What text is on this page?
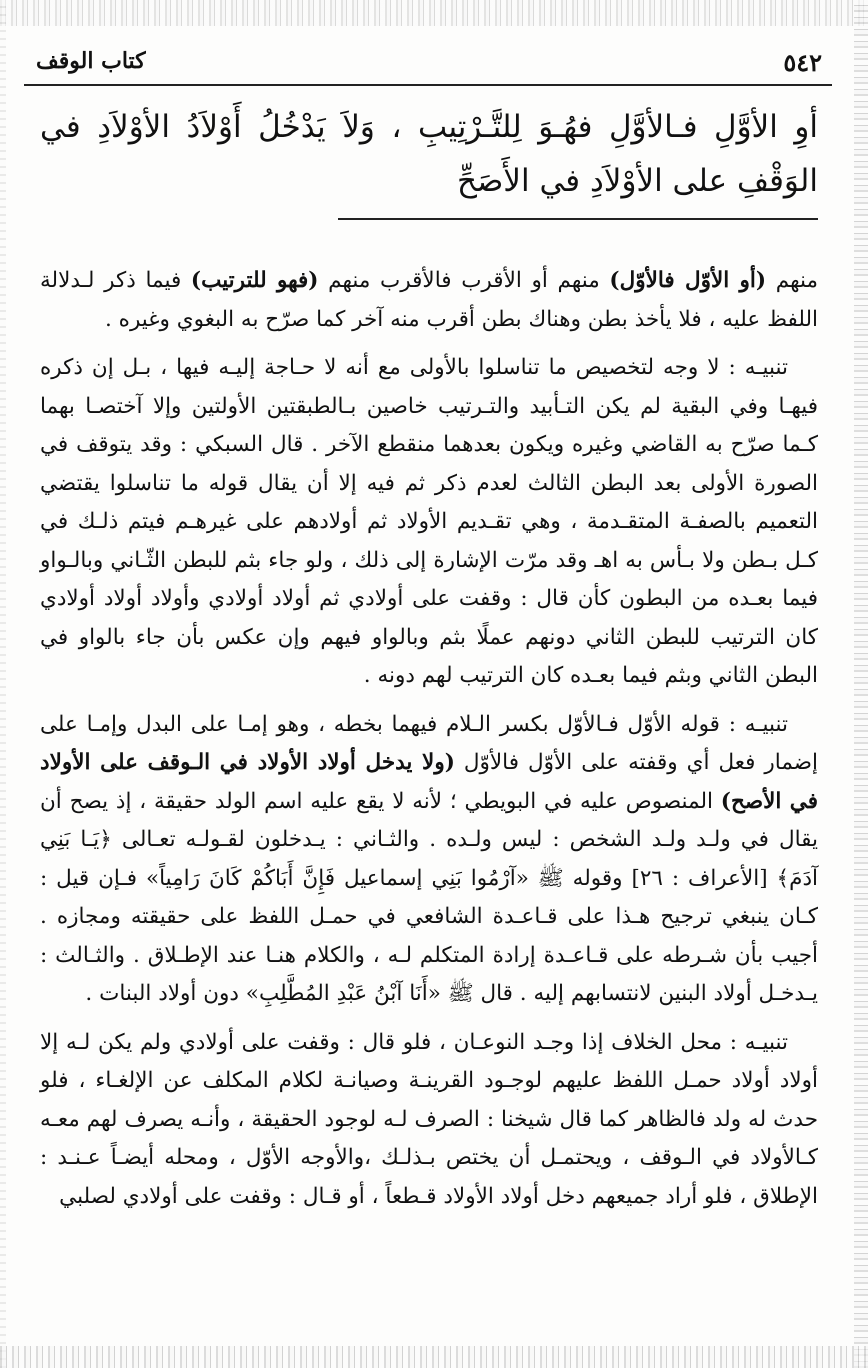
٥٤٢
كتاب الوقف
أوِ الأوَّلِ فـالأوَّلِ فهُـوَ لِلتَّـرْتِيبِ ، وَلاَ يَدْخُلُ أَوْلاَدُ الأوْلاَدِ في الوَقْفِ على الأوْلاَدِ في الأَصَحِّ

منهم (أو الأوّل فالأوّل) منهم أو الأقرب فالأقرب منهم (فهو للترتيب) فيما ذكر لـدلالة اللفظ عليه ، فلا يأخذ بطن وهناك بطن أقرب منه آخر كما صرّح به البغوي وغيره .

تنبيـه : لا وجه لتخصيص ما تناسلوا بالأولى مع أنه لا حـاجة إليـه فيها ، بـل إن ذكره فيهـا وفي البقية لم يكن التـأبيد والتـرتيب خاصين بـالطبقتين الأولتين وإلا آختصـا بهما كـما صرّح به القاضي وغيره ويكون بعدهما منقطع الآخر . قال السبكي : وقد يتوقف في الصورة الأولى بعد البطن الثالث لعدم ذكر ثم فيه إلا أن يقال قوله ما تناسلوا يقتضي التعميم بالصفـة المتقـدمة ، وهي تقـديم الأولاد ثم أولادهم على غيرهـم فيتم ذلـك في كـل بـطن ولا بـأس به اهـ وقد مرّت الإشارة إلى ذلك ، ولو جاء بثم للبطن الثّـاني وبالـواو فيما بعـده من البطون كأن قال : وقفت على أولادي ثم أولاد أولادي وأولاد أولاد أولادي كان الترتيب للبطن الثاني دونهم عملًا بثم وبالواو فيهم وإن عكس بأن جاء بالواو في البطن الثاني وبثم فيما بعـده كان الترتيب لهم دونه .

تنبيـه : قوله الأوّل فـالأوّل بكسر الـلام فيهما بخطه ، وهو إمـا على البدل وإمـا على إضمار فعل أي وقفته على الأوّل فالأوّل (ولا يدخل أولاد الأولاد في الـوقف على الأولاد في الأصح) المنصوص عليه في البويطي ؛ لأنه لا يقع عليه اسم الولد حقيقة ، إذ يصح أن يقال في ولـد ولـد الشخص : ليس ولـده . والثـاني : يـدخلون لقـولـه تعـالى ﴿يَـا بَنِي آدَمَ﴾ [الأعراف : ٢٦] وقوله ﷺ «آرْمُوا بَنِي إسماعيل فَإِنَّ أَبَاكُمْ كَانَ رَامِياً» فـإن قيل : كـان ينبغي ترجيح هـذا على قـاعـدة الشافعي في حمـل اللفظ على حقيقته ومجازه . أجيب بأن شـرطه على قـاعـدة إرادة المتكلم لـه ، والكلام هنـا عند الإطـلاق . والثـالث : يـدخـل أولاد البنين لانتسابهم إليه . قال ﷺ «أَنَا آبْنُ عَبْدِ المُطَّلِبِ» دون أولاد البنات .

تنبيـه : محل الخلاف إذا وجـد النوعـان ، فلو قال : وقفت على أولادي ولم يكن لـه إلا أولاد أولاد حمـل اللفظ عليهم لوجـود القرينـة وصيانـة لكلام المكلف عن الإلغـاء ، فلو حدث له ولد فالظاهر كما قال شيخنا : الصرف لـه لوجود الحقيقة ، وأنـه يصرف لهم معـه كـالأولاد في الـوقف ، ويحتمـل أن يختص بـذلـك ،والأوجه الأوّل ، ومحله أيضـاً عـنـد : الإطلاق ، فلو أراد جميعهم دخل أولاد الأولاد قـطعاً ، أو قـال : وقفت على أولادي لصلبي
